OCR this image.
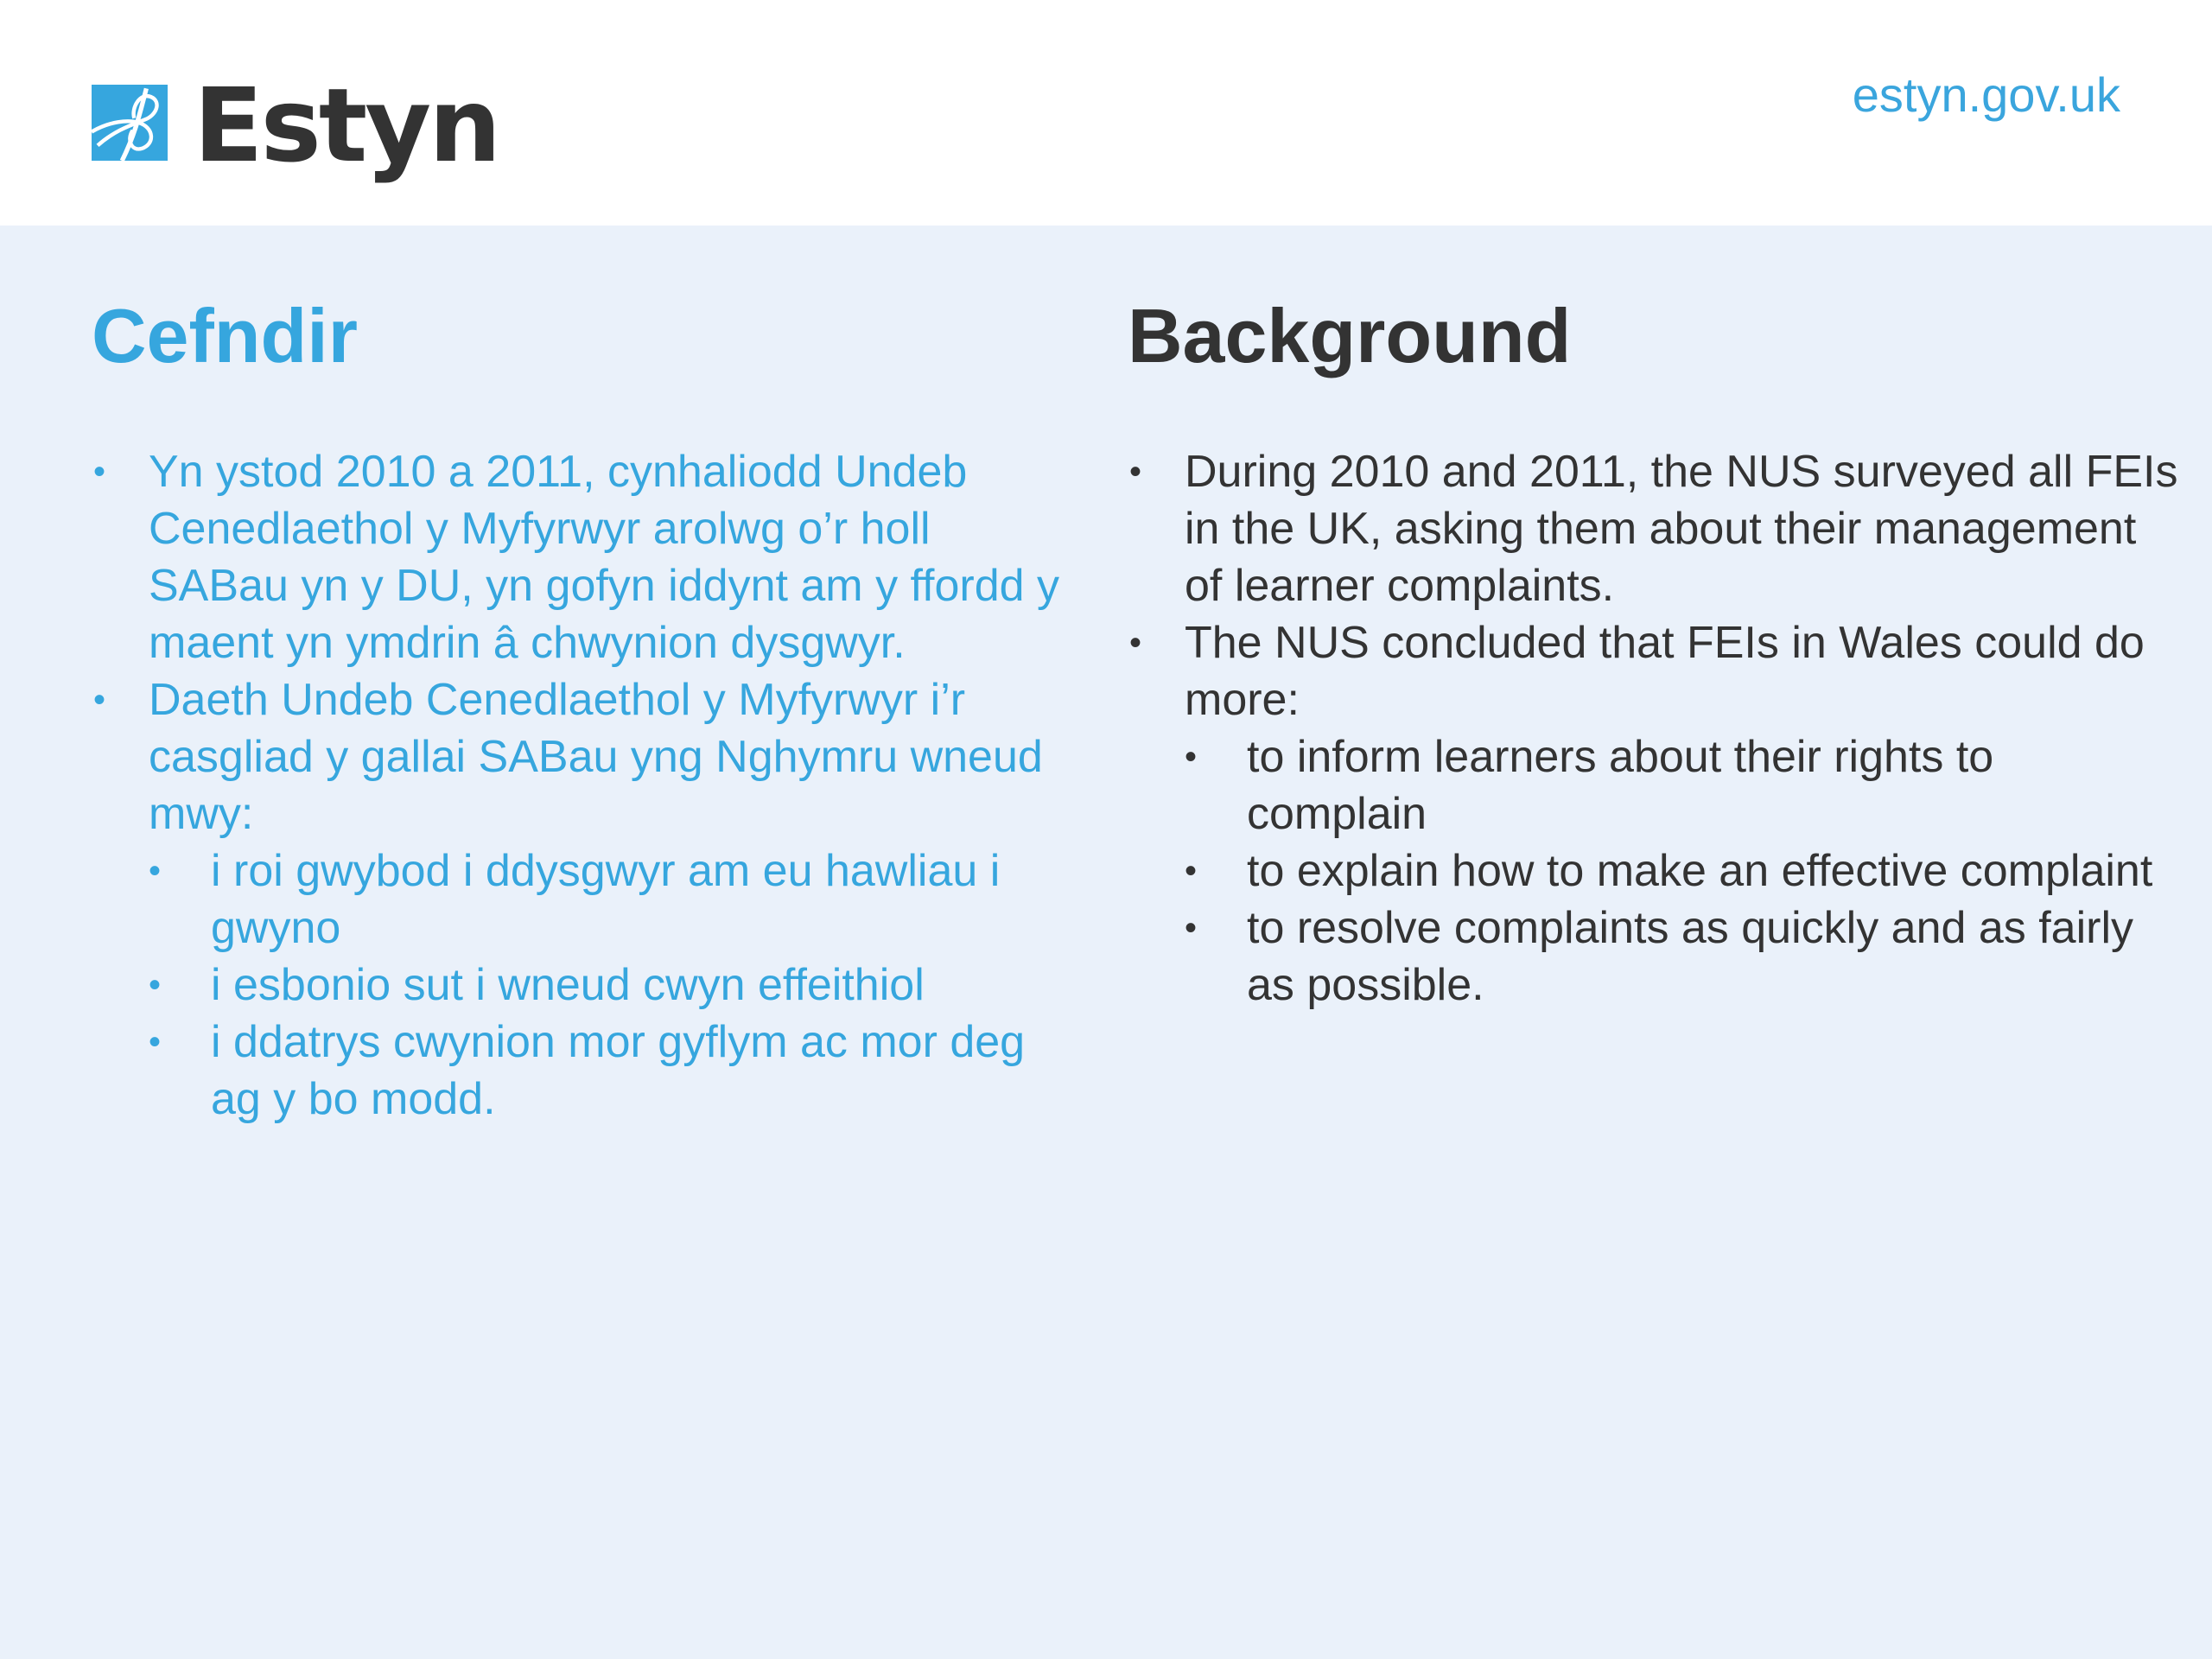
Estyn	estyn.gov.uk
Cefndir
• Yn ystod 2010 a 2011, cynhaliodd Undeb Cenedlaethol y Myfyrwyr arolwg o’r holl SABau yn y DU, yn gofyn iddynt am y ffordd y maent yn ymdrin â chwynion dysgwyr.
• Daeth Undeb Cenedlaethol y Myfyrwyr i’r casgliad y gallai SABau yng Nghymru wneud mwy:
• i roi gwybod i ddysgwyr am eu hawliau i gwyno
• i esbonio sut i wneud cwyn effeithiol
• i ddatrys cwynion mor gyflym ac mor deg ag y bo modd.
Background
• During 2010 and 2011, the NUS surveyed all FEIs in the UK, asking them about their management of learner complaints.
• The NUS concluded that FEIs in Wales could do more:
• to inform learners about their rights to complain
• to explain how to make an effective complaint
• to resolve complaints as quickly and as fairly as possible.
